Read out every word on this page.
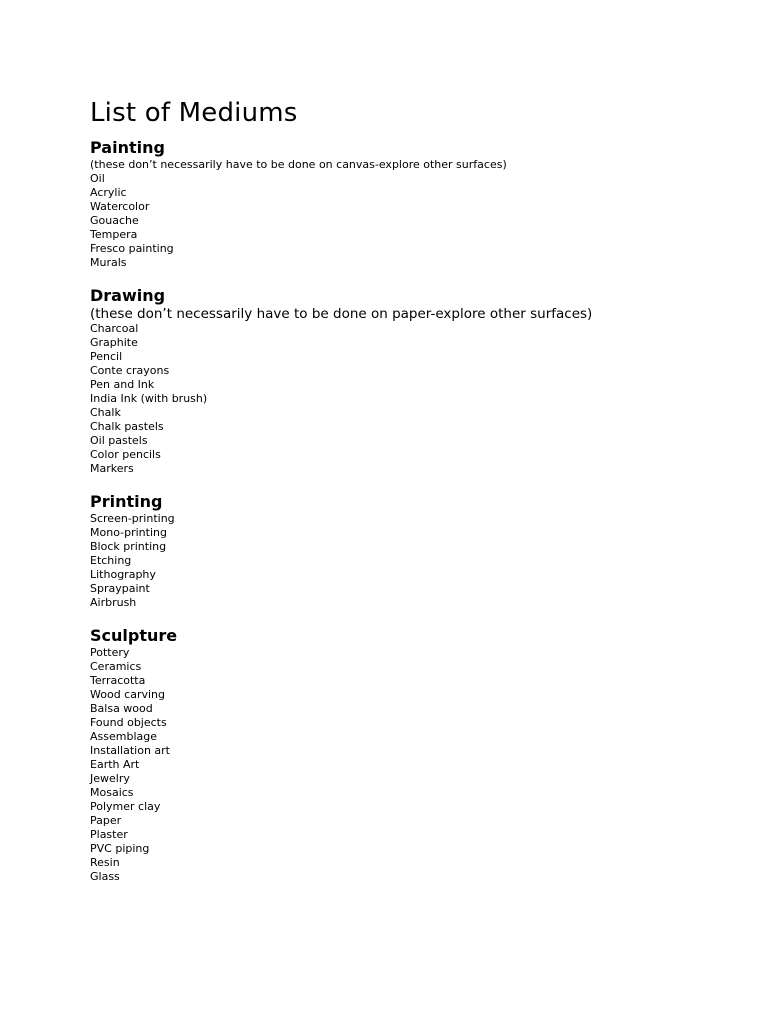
List of Mediums
Painting

(these don’t necessarily have to be done on canvas-explore other surfaces)

Oil
Acrylic
Watercolor
Gouache
Tempera
Fresco painting
Murals
Drawing

(these don’t necessarily have to be done on paper-explore other surfaces)

Charcoal
Graphite
Pencil
Conte crayons
Pen and Ink
India Ink (with brush)
Chalk
Chalk pastels
Oil pastels
Color pencils
Markers
Printing
Screen-printing
Mono-printing
Block printing
Etching
Lithography
Spraypaint
Airbrush
Sculpture
Pottery
Ceramics
Terracotta
Wood carving
Balsa wood
Found objects
Assemblage
Installation art
Earth Art
Jewelry
Mosaics
Polymer clay
Paper
Plaster
PVC piping
Resin
Glass
